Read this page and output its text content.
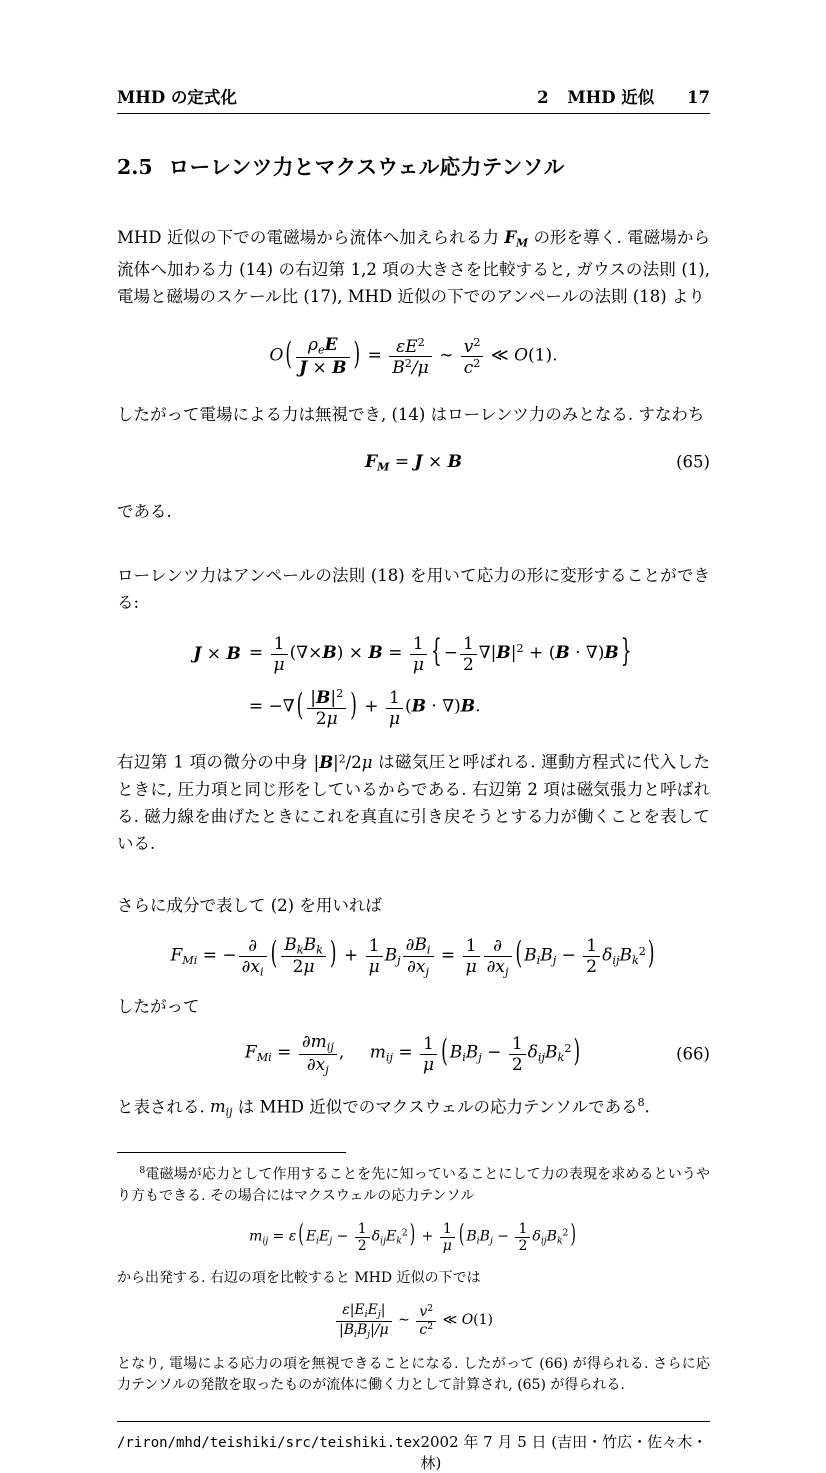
MHD の定式化	2 MHD 近似 17
2.5 ローレンツ力とマクスウェル応力テンソル

MHD 近似の下での電磁場から流体へ加えられる力 $F_M$ の形を導く. 電磁場から流体へ加わる力 (14) の右辺第 1,2 項の大きさを比較すると, ガウスの法則 (1), 電場と磁場のスケール比 (17), MHD 近似の下でのアンペールの法則 (18) より

O ( $\frac{\rho_eE}{J \times B}$ ) = $\frac{\varepsilon E^2}{B^2/\mu}$ ∼ $\frac{v^2}{c^2}$ ≪ O(1).

したがって電場による力は無視でき, (14) はローレンツ力のみとなる. すなわち

$F_M = J \times B$	(65)

である.

ローレンツ力はアンペールの法則 (18) を用いて応力の形に変形することができる:

$J \times B = \frac{1}{\mu} (\nabla\times B) \times B = \frac{1}{\mu}$ { − $\frac{1}{2} \nabla|B|^2 + (B \cdot \nabla)B$ }
= −∇ ( $\frac{|B|^2}{2\mu}$ ) + $\frac{1}{\mu} (B \cdot \nabla)B$.

右辺第 1 項の微分の中身 $|B|^2/2\mu$ は磁気圧と呼ばれる. 運動方程式に代入したときに, 圧力項と同じ形をしているからである. 右辺第 2 項は磁気張力と呼ばれる. 磁力線を曲げたときにこれを真直に引き戻そうとする力が働くことを表している.

さらに成分で表して (2) を用いれば

$F_{Mi}$ = − $\frac{\partial}{\partial x_i}$ ( $\frac{B_kB_k}{2\mu}$ ) + $\frac{1}{\mu} B_j \frac{\partial B_i}{\partial x_j} = \frac{1}{\mu} \frac{\partial}{\partial x_j}$ ( $B_iB_j - \frac{1}{2} \delta_{ij}B_k^2$ )

したがって

$F_{Mi} = \frac{\partial m_{ij}}{\partial x_j}$ , $m_{ij} = \frac{1}{\mu}$ ( $B_iB_j - \frac{1}{2} \delta_{ij}B_k^2$ )	(66)

と表される. $m_{ij}$ は MHD 近似でのマクスウェルの応力テンソルである$^8$.

$^8$電磁場が応力として作用することを先に知っていることにして力の表現を求めるというやり方もできる. その場合にはマクスウェルの応力テンソル

$m_{ij} = \varepsilon$ ( $E_iE_j - \frac{1}{2} \delta_{ij}E_k^2$ ) + $\frac{1}{\mu}$ ( $B_iB_j - \frac{1}{2} \delta_{ij}B_k^2$ )

から出発する. 右辺の項を比較すると MHD 近似の下では

$\frac{\varepsilon|E_iE_j|}{|B_iB_j|/\mu}$ ∼ $\frac{v^2}{c^2}$ ≪ O(1)

となり, 電場による応力の項を無視できることになる. したがって (66) が得られる. さらに応力テンソルの発散を取ったものが流体に働く力として計算され, (65) が得られる.

/riron/mhd/teishiki/src/teishiki.tex 2002 年 7 月 5 日 (吉田・竹広・佐々木・林)
